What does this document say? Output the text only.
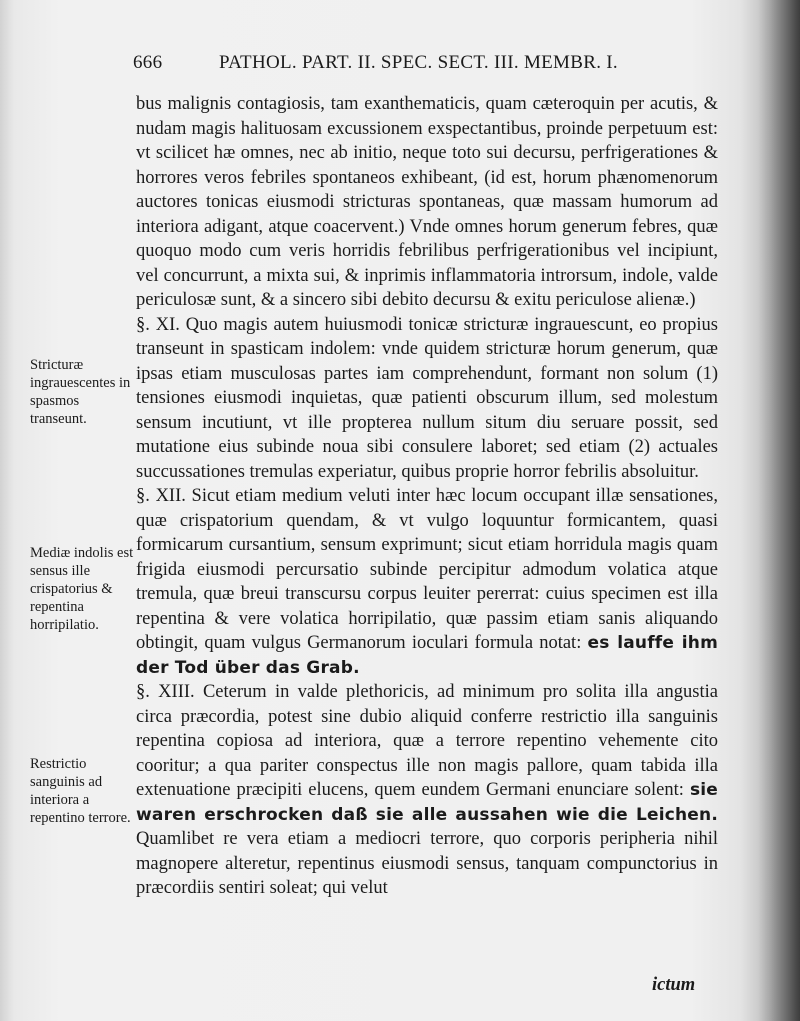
666	PATHOL. PART. II. SPEC. SECT. III. MEMBR. I.
Stricturæ ingrauescentes in spasmos transeunt.
Mediæ indolis est sensus ille crispatorius & repentina horripilatio.
Restrictio sanguinis ad interiora a repentino terrore.

bus malignis contagiosis, tam exanthematicis, quam cæteroquin per acutis, & nudam magis halituosam excussionem exspectantibus, proinde perpetuum est: vt scilicet hæ omnes, nec ab initio, neque toto sui decursu, perfrigerationes & horrores veros febriles spontaneos exhibeant, (id est, horum phænomenorum auctores tonicas eiusmodi stricturas spontaneas, quæ massam humorum ad interiora adigant, atque coacervent.) Vnde omnes horum generum febres, quæ quoquo modo cum veris horridis febrilibus perfrigerationibus vel incipiunt, vel concurrunt, a mixta sui, & inprimis inflammatoria introrsum, indole, valde periculosæ sunt, & a sincero sibi debito decursu & exitu periculose alienæ.)

§. XI. Quo magis autem huiusmodi tonicæ stricturæ ingrauescunt, eo propius transeunt in spasticam indolem: vnde quidem stricturæ horum generum, quæ ipsas etiam musculosas partes iam comprehendunt, formant non solum (1) tensiones eiusmodi inquietas, quæ patienti obscurum illum, sed molestum sensum incutiunt, vt ille propterea nullum situm diu seruare possit, sed mutatione eius subinde noua sibi consulere laboret; sed etiam (2) actuales succussationes tremulas experiatur, quibus proprie horror febrilis absoluitur.

§. XII. Sicut etiam medium veluti inter hæc locum occupant illæ sensationes, quæ crispatorium quendam, & vt vulgo loquuntur formicantem, quasi formicarum cursantium, sensum exprimunt; sicut etiam horridula magis quam frigida eiusmodi percursatio subinde percipitur admodum volatica atque tremula, quæ breui transcursu corpus leuiter pererrat: cuius specimen est illa repentina & vere volatica horripilatio, quæ passim etiam sanis aliquando obtingit, quam vulgus Germanorum ioculari formula notat: es lauffe ihm der Tod über das Grab.

§. XIII. Ceterum in valde plethoricis, ad minimum pro solita illa angustia circa præcordia, potest sine dubio aliquid conferre restrictio illa sanguinis repentina copiosa ad interiora, quæ a terrore repentino vehemente cito cooritur; a qua pariter conspectus ille non magis pallore, quam tabida illa extenuatione præcipiti elucens, quem eundem Germani enunciare solent: sie waren erschrocken daß sie alle aussahen wie die Leichen. Quamlibet re vera etiam a mediocri terrore, quo corporis peripheria nihil magnopere alteretur, repentinus eiusmodi sensus, tanquam compunctorius in præcordiis sentiri soleat; qui velut

ictum
